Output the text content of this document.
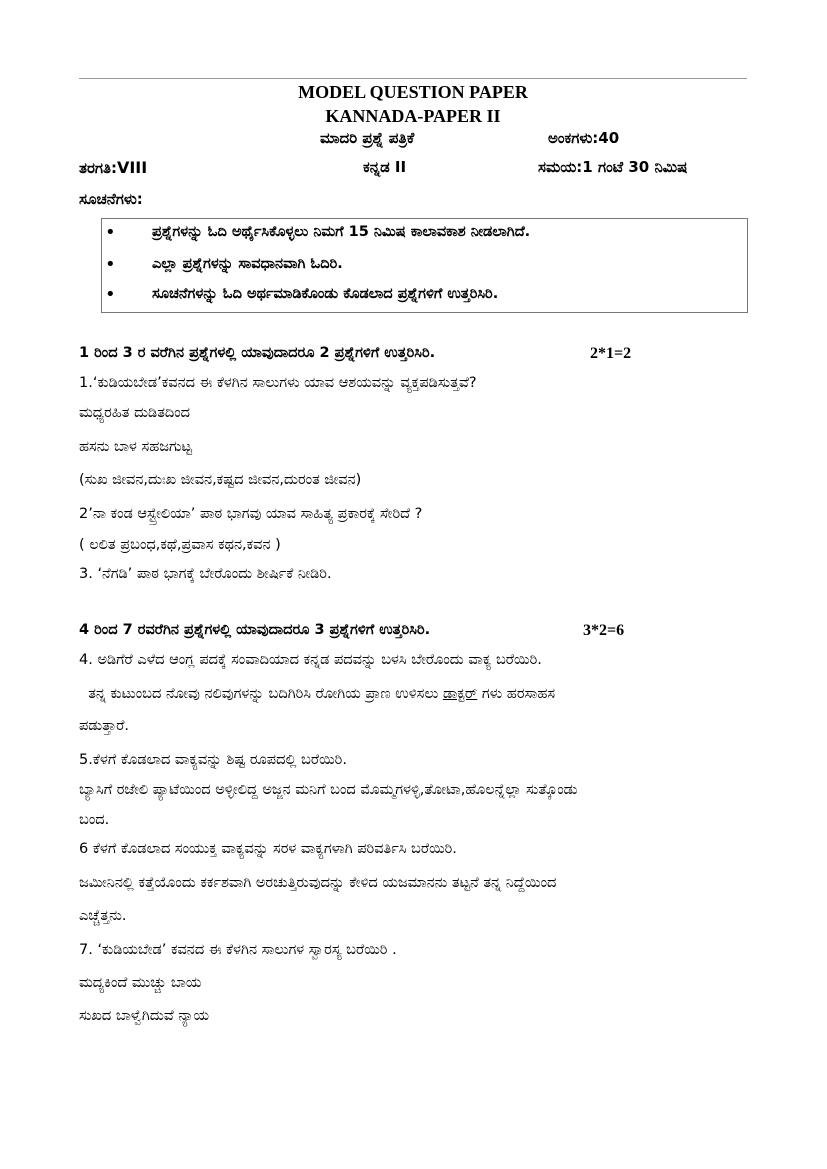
MODEL QUESTION PAPER
KANNADA-PAPER II
ಮಾದರಿ ಪ್ರಶ್ನೆ ಪತ್ರಿಕೆ	ಅಂಕಗಳು:40
ತರಗತಿ:VIII	ಕನ್ನಡ II	ಸಮಯ:1 ಗಂಟೆ 30 ನಿಮಿಷ
ಸೂಚನೆಗಳು:
•	ಪ್ರಶ್ನೆಗಳನ್ನು ಓದಿ ಅರ್ಥೈಸಿಕೊಳ್ಳಲು ನಿಮಗೆ 15 ನಿಮಿಷ ಕಾಲಾವಕಾಶ ನೀಡಲಾಗಿದೆ.
•	ಎಲ್ಲಾ ಪ್ರಶ್ನೆಗಳನ್ನು ಸಾವಧಾನವಾಗಿ ಓದಿರಿ.
•	ಸೂಚನೆಗಳನ್ನು ಓದಿ ಅರ್ಥಮಾಡಿಕೊಂಡು ಕೊಡಲಾದ ಪ್ರಶ್ನೆಗಳಿಗೆ ಉತ್ತರಿಸಿರಿ.
1 ರಿಂದ 3 ರ ವರೆಗಿನ ಪ್ರಶ್ನೆಗಳಲ್ಲಿ ಯಾವುದಾದರೂ 2 ಪ್ರಶ್ನೆಗಳಿಗೆ ಉತ್ತರಿಸಿರಿ.	2*1=2
1.‘ಕುಡಿಯಬೇಡ’ಕವನದ ಈ ಕೆಳಗಿನ ಸಾಲುಗಳು ಯಾವ ಆಶಯವನ್ನು ವ್ಯಕ್ತಪಡಿಸುತ್ತವೆ?
ಮಧ್ಯರಹಿತ ದುಡಿತದಿಂದ
ಹಸನು ಬಾಳ ಸಹಜಗುಟ್ಟ
(ಸುಖ ಜೀವನ,ದುಃಖ ಜೀವನ,ಕಷ್ಟದ ಜೀವನ,ದುರಂತ ಜೀವನ)
2’ನಾ ಕಂಡ ಆಸ್ಟ್ರೇಲಿಯಾ’ ಪಾಠ ಭಾಗವು ಯಾವ ಸಾಹಿತ್ಯ ಪ್ರಕಾರಕ್ಕೆ ಸೇರಿದೆ ?
( ಲಲಿತ ಪ್ರಬಂಧ,ಕಥೆ,ಪ್ರವಾಸ ಕಥನ,ಕವನ )
3. ‘ನೆಗಡಿ’ ಪಾಠ ಭಾಗಕ್ಕೆ ಬೇರೊಂದು ಶೀರ್ಷಿಕೆ ನೀಡಿರಿ.
4 ರಿಂದ 7 ರವರೆಗಿನ ಪ್ರಶ್ನೆಗಳಲ್ಲಿ ಯಾವುದಾದರೂ 3 ಪ್ರಶ್ನೆಗಳಿಗೆ ಉತ್ತರಿಸಿರಿ.	3*2=6
4. ಅಡಿಗೆರೆ ಎಳೆದ ಆಂಗ್ಲ ಪದಕ್ಕೆ ಸಂವಾದಿಯಾದ ಕನ್ನಡ ಪದವನ್ನು ಬಳಸಿ ಬೇರೊಂದು ವಾಕ್ಯ ಬರೆಯಿರಿ.
ತನ್ನ ಕುಟುಂಬದ ನೋವು ನಲಿವುಗಳನ್ನು ಬದಿಗಿರಿಸಿ ರೋಗಿಯ ಪ್ರಾಣ ಉಳಿಸಲು ಡಾಕ್ಟರ್ ಗಳು ಹರಸಾಹಸ
ಪಡುತ್ತಾರೆ.
5.ಕೆಳಗೆ ಕೊಡಲಾದ ವಾಕ್ಯವನ್ನು ಶಿಷ್ಟ ರೂಪದಲ್ಲಿ ಬರೆಯಿರಿ.
ಬ್ಯಾಸಿಗೆ ರಜೇಲಿ ಪ್ಯಾಟೆಯಿಂದ ಅಳ್ಳೀಲಿದ್ದ ಅಜ್ಜನ ಮನಿಗೆ ಬಂದ ಮೊಮ್ಮಗಳಳ್ಳಿ,ತೋಟಾ,ಹೊಲನ್ನೆಲ್ಲಾ ಸುತ್ಕೊಂಡು
ಬಂದ.
6 ಕೆಳಗೆ ಕೊಡಲಾದ ಸಂಯುಕ್ತ ವಾಕ್ಯವನ್ನು ಸರಳ ವಾಕ್ಯಗಳಾಗಿ ಪರಿವರ್ತಿಸಿ ಬರೆಯಿರಿ.
ಜಮೀನಿನಲ್ಲಿ ಕತ್ತೆಯೊಂದು ಕರ್ಕಶವಾಗಿ ಅರಚುತ್ತಿರುವುದನ್ನು ಕೇಳಿದ ಯಜಮಾನನು ತಟ್ಟನೆ ತನ್ನ ನಿದ್ದೆಯಿಂದ
ಎಚ್ಚೆತ್ತನು.
7. ‘ಕುಡಿಯಬೇಡ’ ಕವನದ ಈ ಕೆಳಗಿನ ಸಾಲುಗಳ ಸ್ವಾರಸ್ಯ ಬರೆಯಿರಿ .
ಮದ್ಯಕಿಂದೆ ಮುಚ್ಚು ಬಾಯ
ಸುಖದ ಬಾಳ್ವೆಗಿದುವೆ ನ್ಯಾಯ
